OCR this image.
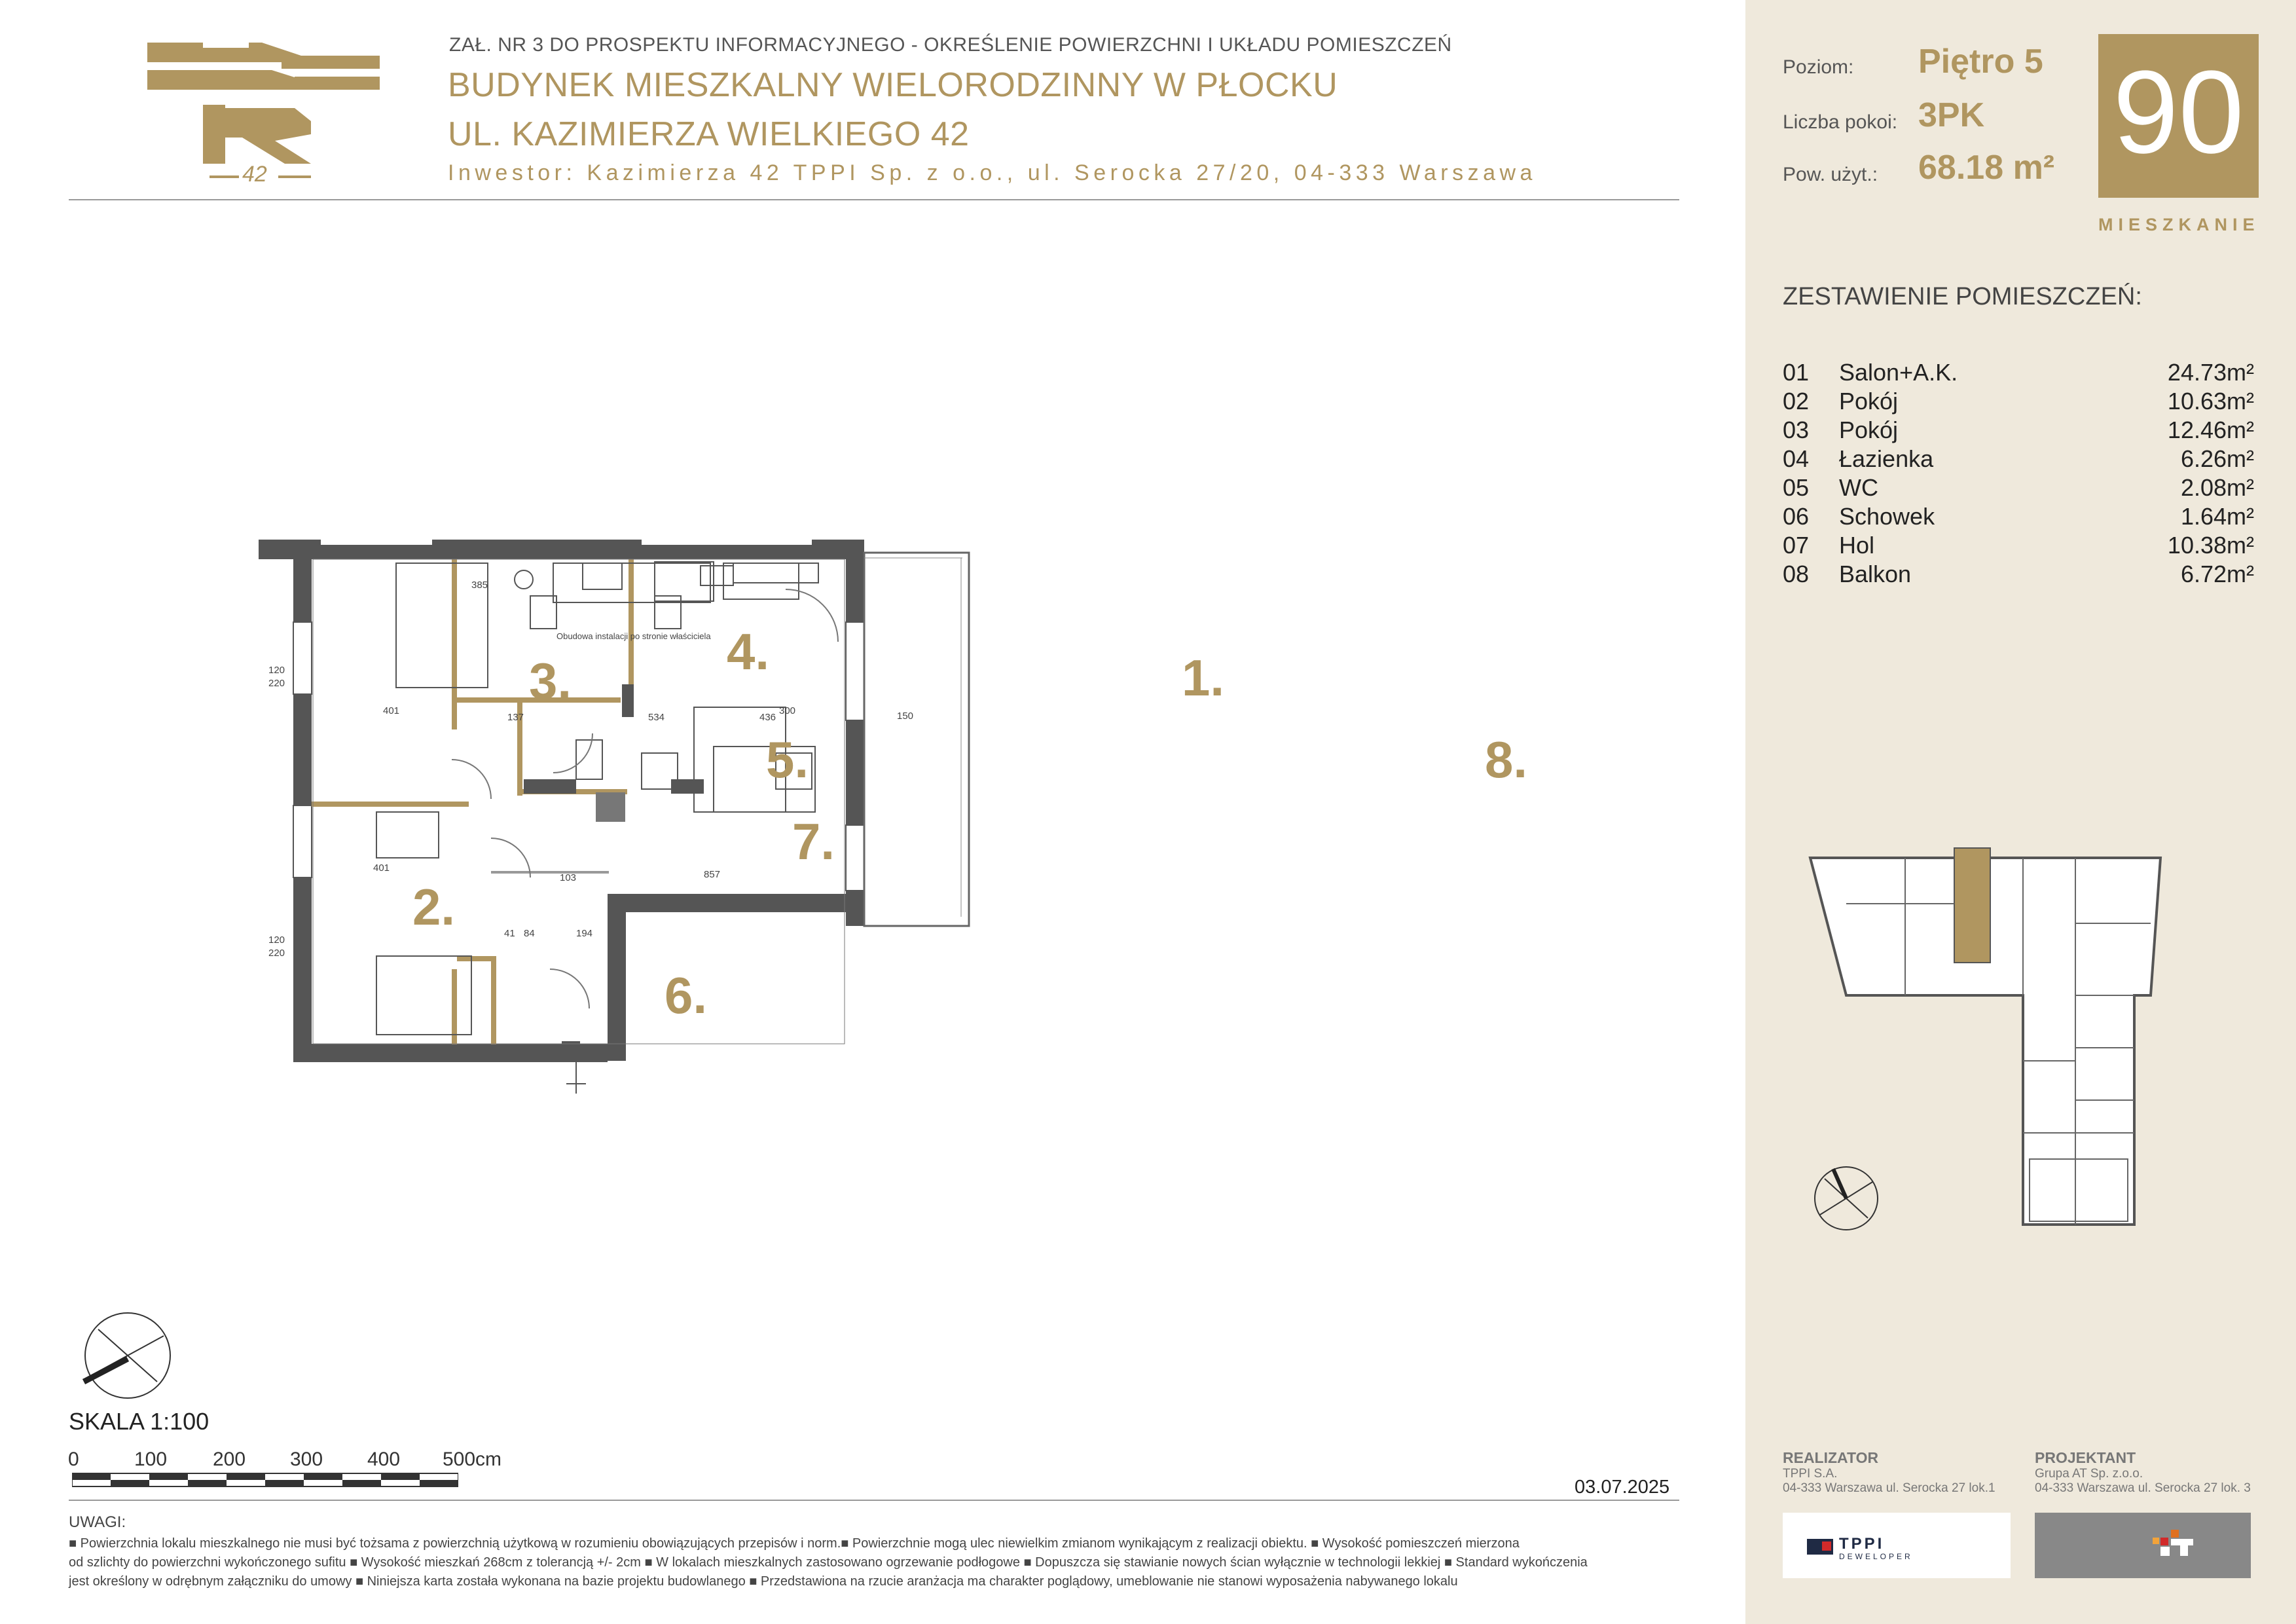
42
ZAŁ. NR 3 DO PROSPEKTU INFORMACYJNEGO - OKREŚLENIE POWIERZCHNI I UKŁADU POMIESZCZEŃ
BUDYNEK MIESZKALNY WIELORODZINNY W PŁOCKU
UL. KAZIMIERZA WIELKIEGO 42
Inwestor: Kazimierza 42 TPPI Sp. z o.o., ul. Serocka 27/20, 04-333 Warszawa
385
401
534
401
857
137	436
300	150
120
220
120
220
103
194
84
41
Obudowa instalacji po stronie właściciela
1.
2.
3.
4.
5.
6.
7.
8.
SKALA 1:100
0	100 200 300 400 500cm
03.07.2025
UWAGI:
■ Powierzchnia lokalu mieszkalnego nie musi być tożsama z powierzchnią użytkową w rozumieniu obowiązujących przepisów i norm.■ Powierzchnie mogą ulec niewielkim zmianom wynikającym z realizacji obiektu. ■ Wysokość pomieszczeń mierzona
od szlichty do powierzchni wykończonego sufitu ■ Wysokość mieszkań 268cm z tolerancją +/- 2cm ■ W lokalach mieszkalnych zastosowano ogrzewanie podłogowe ■ Dopuszcza się stawianie nowych ścian wyłącznie w technologii lekkiej ■ Standard wykończenia
jest określony w odrębnym załączniku do umowy ■ Niniejsza karta została wykonana na bazie projektu budowlanego ■ Przedstawiona na rzucie aranżacja ma charakter poglądowy, umeblowanie nie stanowi wyposażenia nabywanego lokalu
Poziom: Piętro 5
Liczba pokoi: 3PK
Pow. użyt.: 68.18 m² 90
MIESZKANIE
ZESTAWIENIE POMIESZCZEŃ:
01 Salon+A.K.	24.73m²
02 Pokój	10.63m²
03 Pokój	12.46m²
04 Łazienka	6.26m²
05 WC	2.08m²
06 Schowek	1.64m²
07 Hol	10.38m²
08 Balkon	6.72m²
REALIZATOR
TPPI S.A.
04-333 Warszawa ul. Serocka 27 lok.1
TPPI
DEWELOPER
PROJEKTANT
Grupa AT Sp. z.o.o.
04-333 Warszawa ul. Serocka 27 lok. 3
